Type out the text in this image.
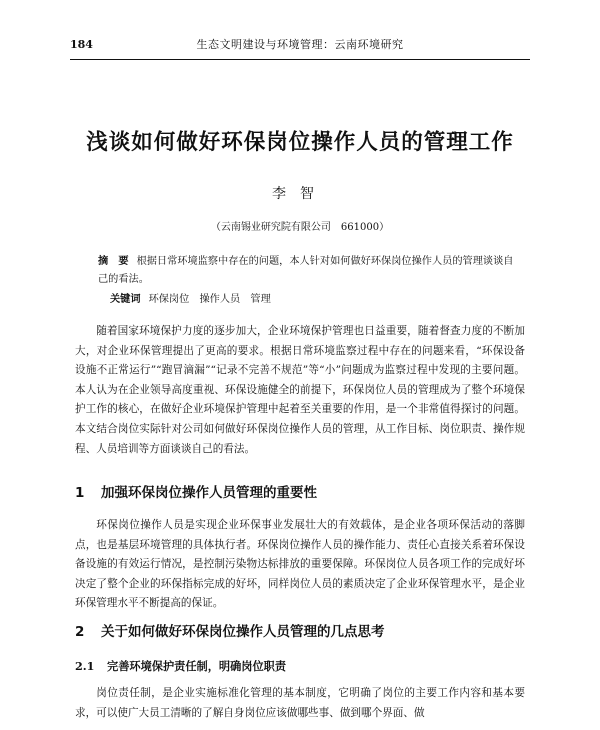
184	生态文明建设与环境管理：云南环境研究
浅谈如何做好环保岗位操作人员的管理工作
李智
（云南锡业研究院有限公司　661000）
摘　要 根据日常环境监察中存在的问题，本人针对如何做好环保岗位操作人员的管理谈谈自己的看法。
关键词 环保岗位　操作人员　管理

随着国家环境保护力度的逐步加大，企业环境保护管理也日益重要，随着督查力度的不断加大，对企业环保管理提出了更高的要求。根据日常环境监察过程中存在的问题来看，“环保设备设施不正常运行”“跑冒滴漏”“记录不完善不规范”等“小”问题成为监察过程中发现的主要问题。本人认为在企业领导高度重视、环保设施健全的前提下，环保岗位人员的管理成为了整个环境保护工作的核心，在做好企业环境保护管理中起着至关重要的作用，是一个非常值得探讨的问题。本文结合岗位实际针对公司如何做好环保岗位操作人员的管理，从工作目标、岗位职责、操作规程、人员培训等方面谈谈自己的看法。

1 加强环保岗位操作人员管理的重要性

环保岗位操作人员是实现企业环保事业发展壮大的有效载体，是企业各项环保活动的落脚点，也是基层环境管理的具体执行者。环保岗位操作人员的操作能力、责任心直接关系着环保设备设施的有效运行情况，是控制污染物达标排放的重要保障。环保岗位人员各项工作的完成好坏决定了整个企业的环保指标完成的好坏，同样岗位人员的素质决定了企业环保管理水平，是企业环保管理水平不断提高的保证。

2 关于如何做好环保岗位操作人员管理的几点思考
2.1 完善环境保护责任制，明确岗位职责

岗位责任制，是企业实施标准化管理的基本制度，它明确了岗位的主要工作内容和基本要求，可以使广大员工清晰的了解自身岗位应该做哪些事、做到哪个界面、做
